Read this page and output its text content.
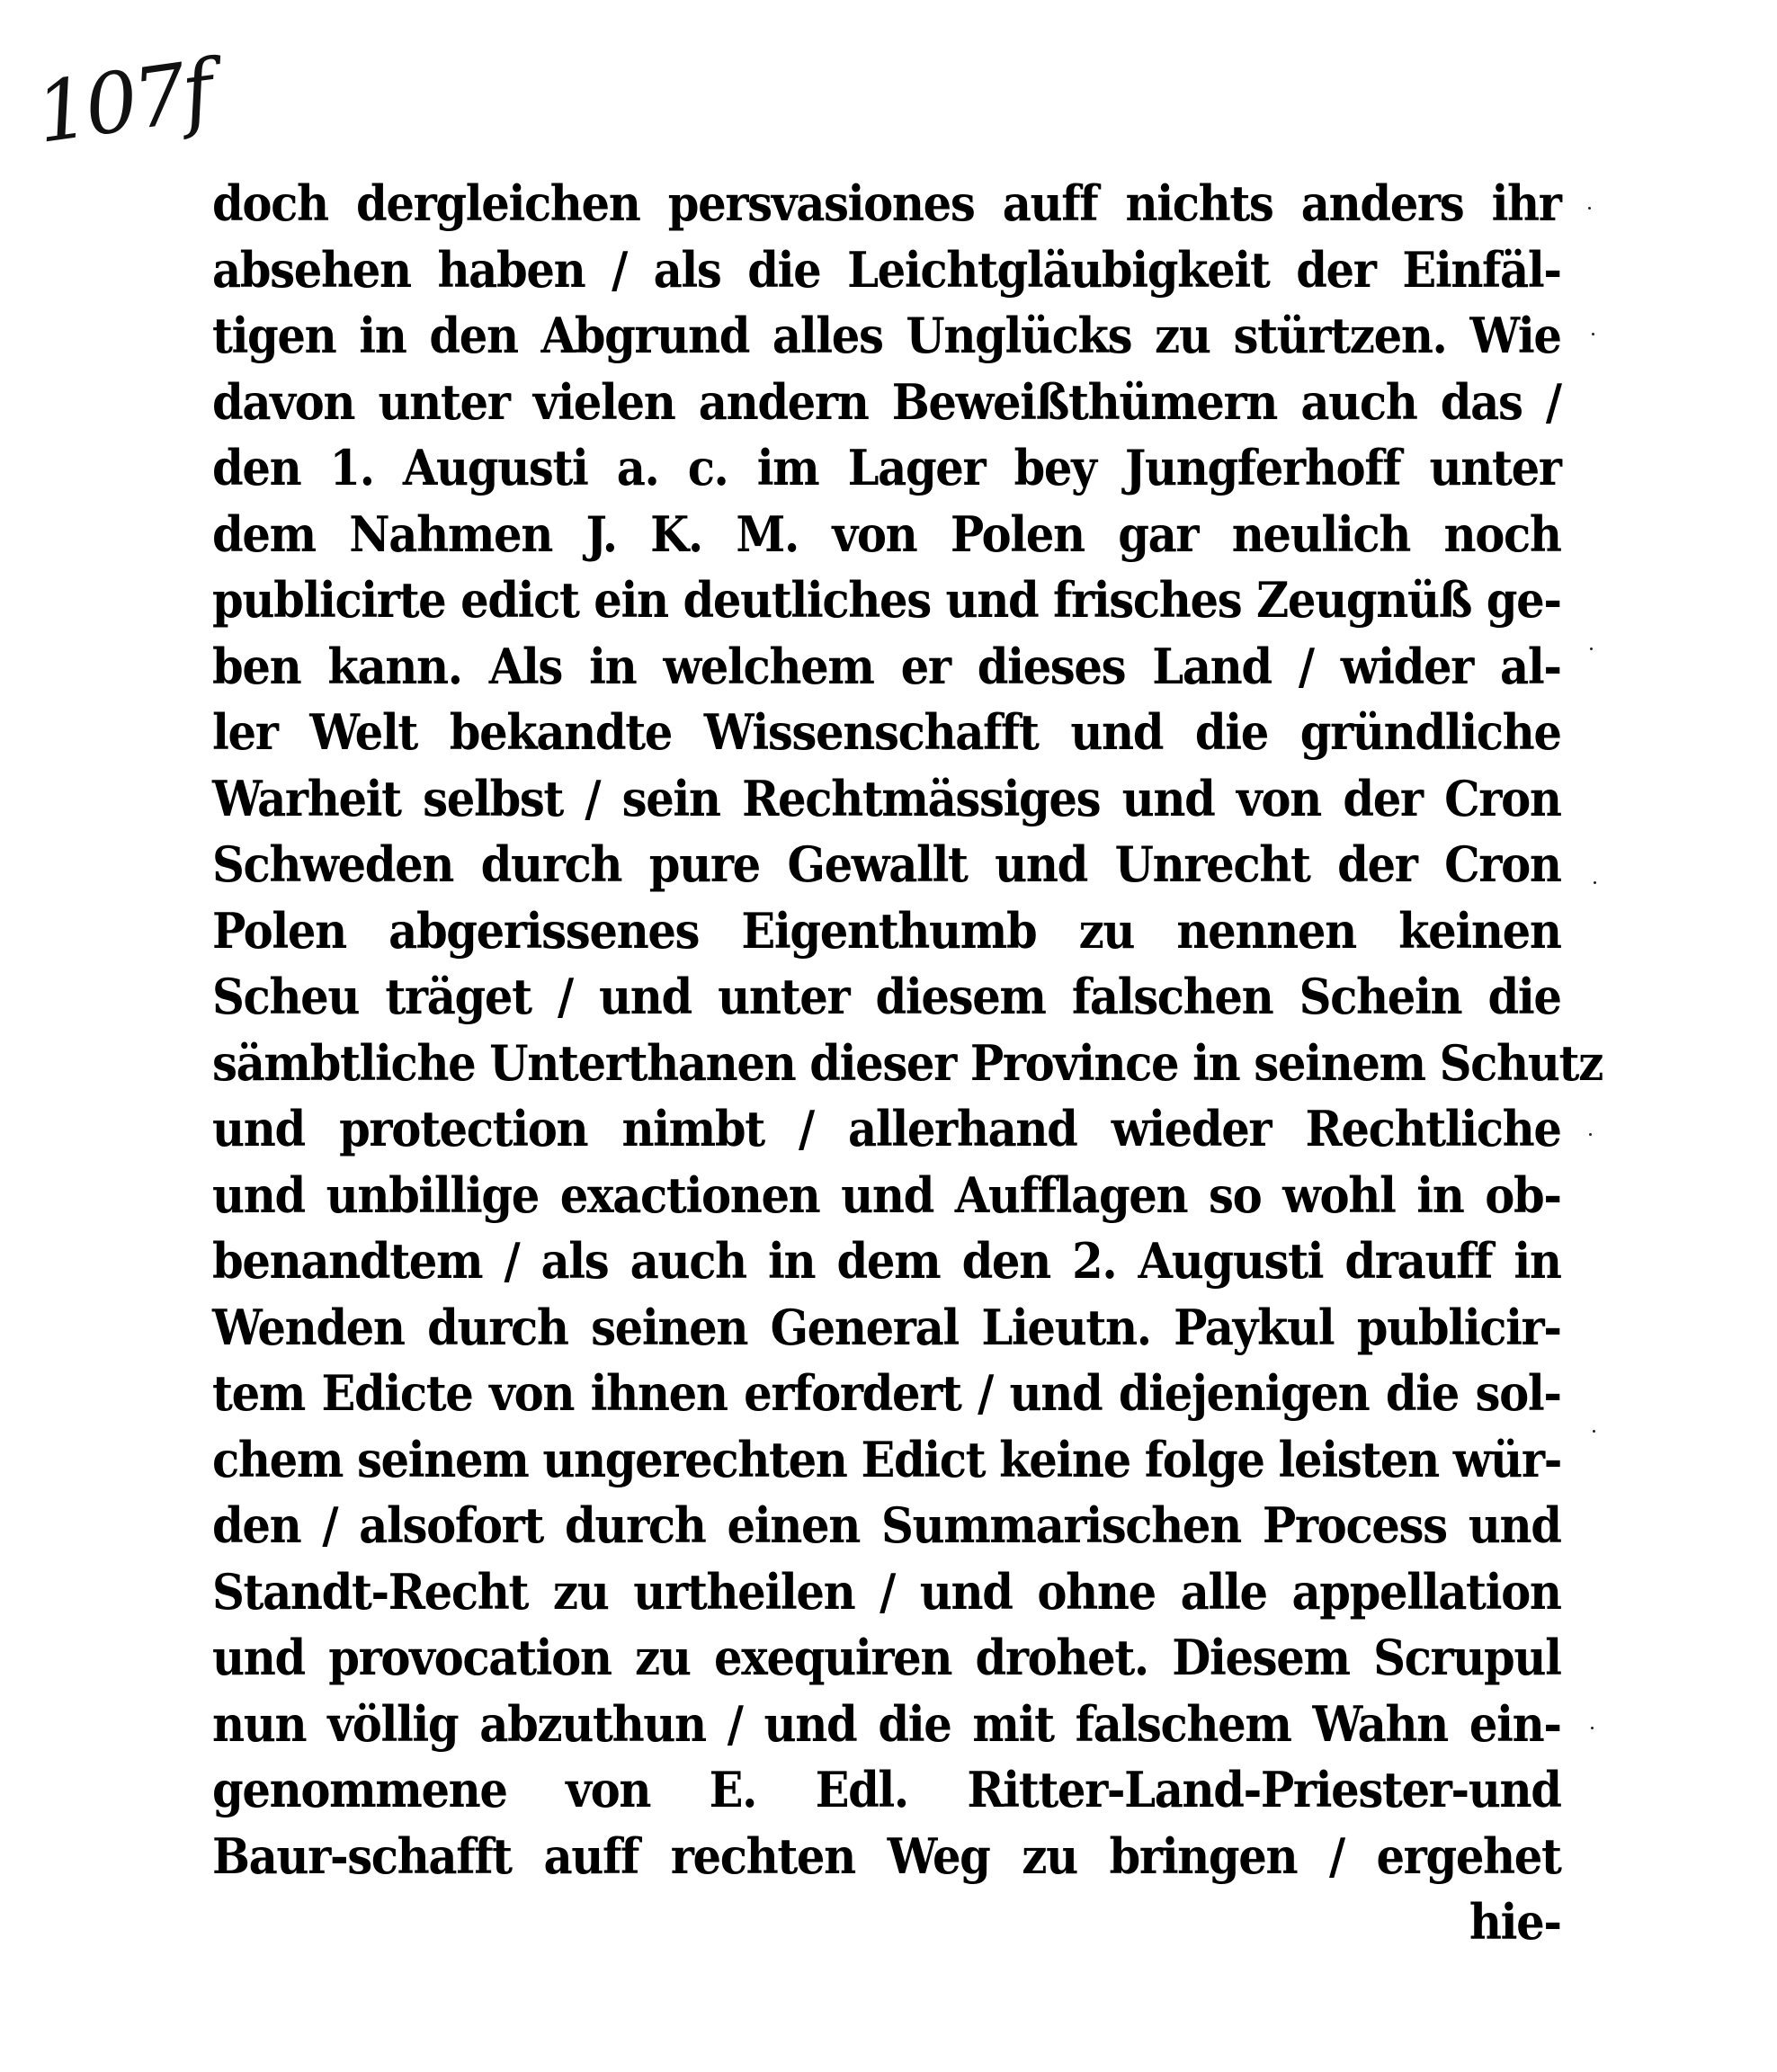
107f
doch dergleichen persvasiones auff nichts anders ihr
absehen haben / als die Leichtgläubigkeit der Einfäl-
tigen in den Abgrund alles Unglücks zu stürtzen. Wie
davon unter vielen andern Beweißthümern auch das /
den 1. Augusti a. c. im Lager bey Jungferhoff unter
dem Nahmen J. K. M. von Polen gar neulich noch
publicirte edict ein deutliches und frisches Zeugnüß ge-
ben kann. Als in welchem er dieses Land / wider al-
ler Welt bekandte Wissenschafft und die gründliche
Warheit selbst / sein Rechtmässiges und von der Cron
Schweden durch pure Gewallt und Unrecht der Cron
Polen abgerissenes Eigenthumb zu nennen keinen
Scheu träget / und unter diesem falschen Schein die
sämbtliche Unterthanen dieser Province in seinem Schutz
und protection nimbt / allerhand wieder Rechtliche
und unbillige exactionen und Aufflagen so wohl in ob-
benandtem / als auch in dem den 2. Augusti drauff in
Wenden durch seinen General Lieutn. Paykul publicir-
tem Edicte von ihnen erfordert / und diejenigen die sol-
chem seinem ungerechten Edict keine folge leisten wür-
den / alsofort durch einen Summarischen Process und
Standt-Recht zu urtheilen / und ohne alle appellation
und provocation zu exequiren drohet. Diesem Scrupul
nun völlig abzuthun / und die mit falschem Wahn ein-
genommene von E. Edl. Ritter-Land-Priester-und
Baur-schafft auff rechten Weg zu bringen / ergehet
hie-
